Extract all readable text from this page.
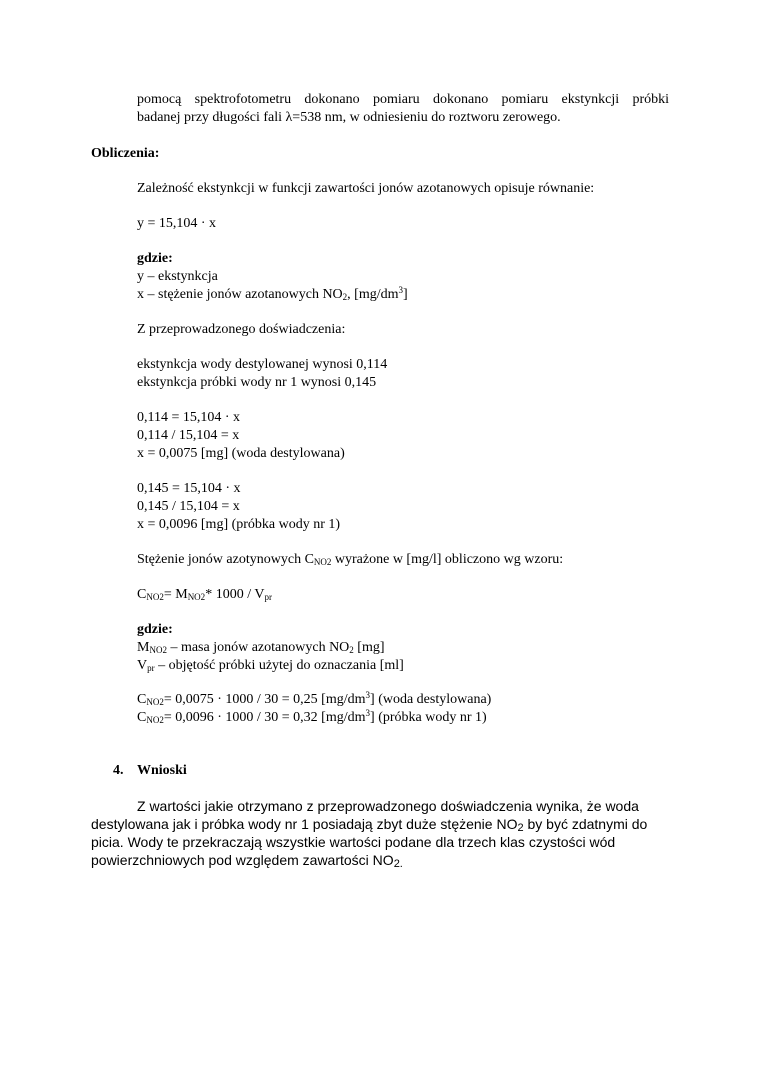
pomocą spektrofotometru dokonano pomiaru dokonano pomiaru ekstynkcji próbki
badanej przy długości fali λ=538 nm, w odniesieniu do roztworu zerowego.
Obliczenia:
Zależność ekstynkcji w funkcji zawartości jonów azotanowych opisuje równanie:
y = 15,104 · x
gdzie:
y – ekstynkcja
x – stężenie jonów azotanowych $NO_2$, $[mg/dm^3]$
Z przeprowadzonego doświadczenia:
ekstynkcja wody destylowanej wynosi 0,114
ekstynkcja próbki wody nr 1 wynosi 0,145
0,114 = 15,104 · x
0,114 / 15,104 = x
x = 0,0075 [mg] (woda destylowana)
0,145 = 15,104 · x
0,145 / 15,104 = x
x = 0,0096 [mg] (próbka wody nr 1)
Stężenie jonów azotynowych $C_{NO2}$ wyrażone w [mg/l] obliczono wg wzoru:
$C_{NO2}= M_{NO2}*$ $1000 / V_{pr}$
gdzie:
$M_{NO2}$ – masa jonów azotanowych $NO_2$ [mg]
$V_{pr}$ – objętość próbki użytej do oznaczania [ml]
$C_{NO2}= 0,0075 \cdot 1000 / 30 = 0,25$ $[mg/dm^3]$ (woda destylowana)
$C_{NO2}= 0,0096 \cdot 1000 / 30 = 0,32$ $[mg/dm^3]$ (próbka wody nr 1)
4. Wnioski
Z wartości jakie otrzymano z przeprowadzonego doświadczenia wynika, że woda
destylowana jak i próbka wody nr 1 posiadają zbyt duże stężenie $NO_2$ by być zdatnymi do
picia. Wody te przekraczają wszystkie wartości podane dla trzech klas czystości wód
powierzchniowych pod względem zawartości $NO_{2.}$
